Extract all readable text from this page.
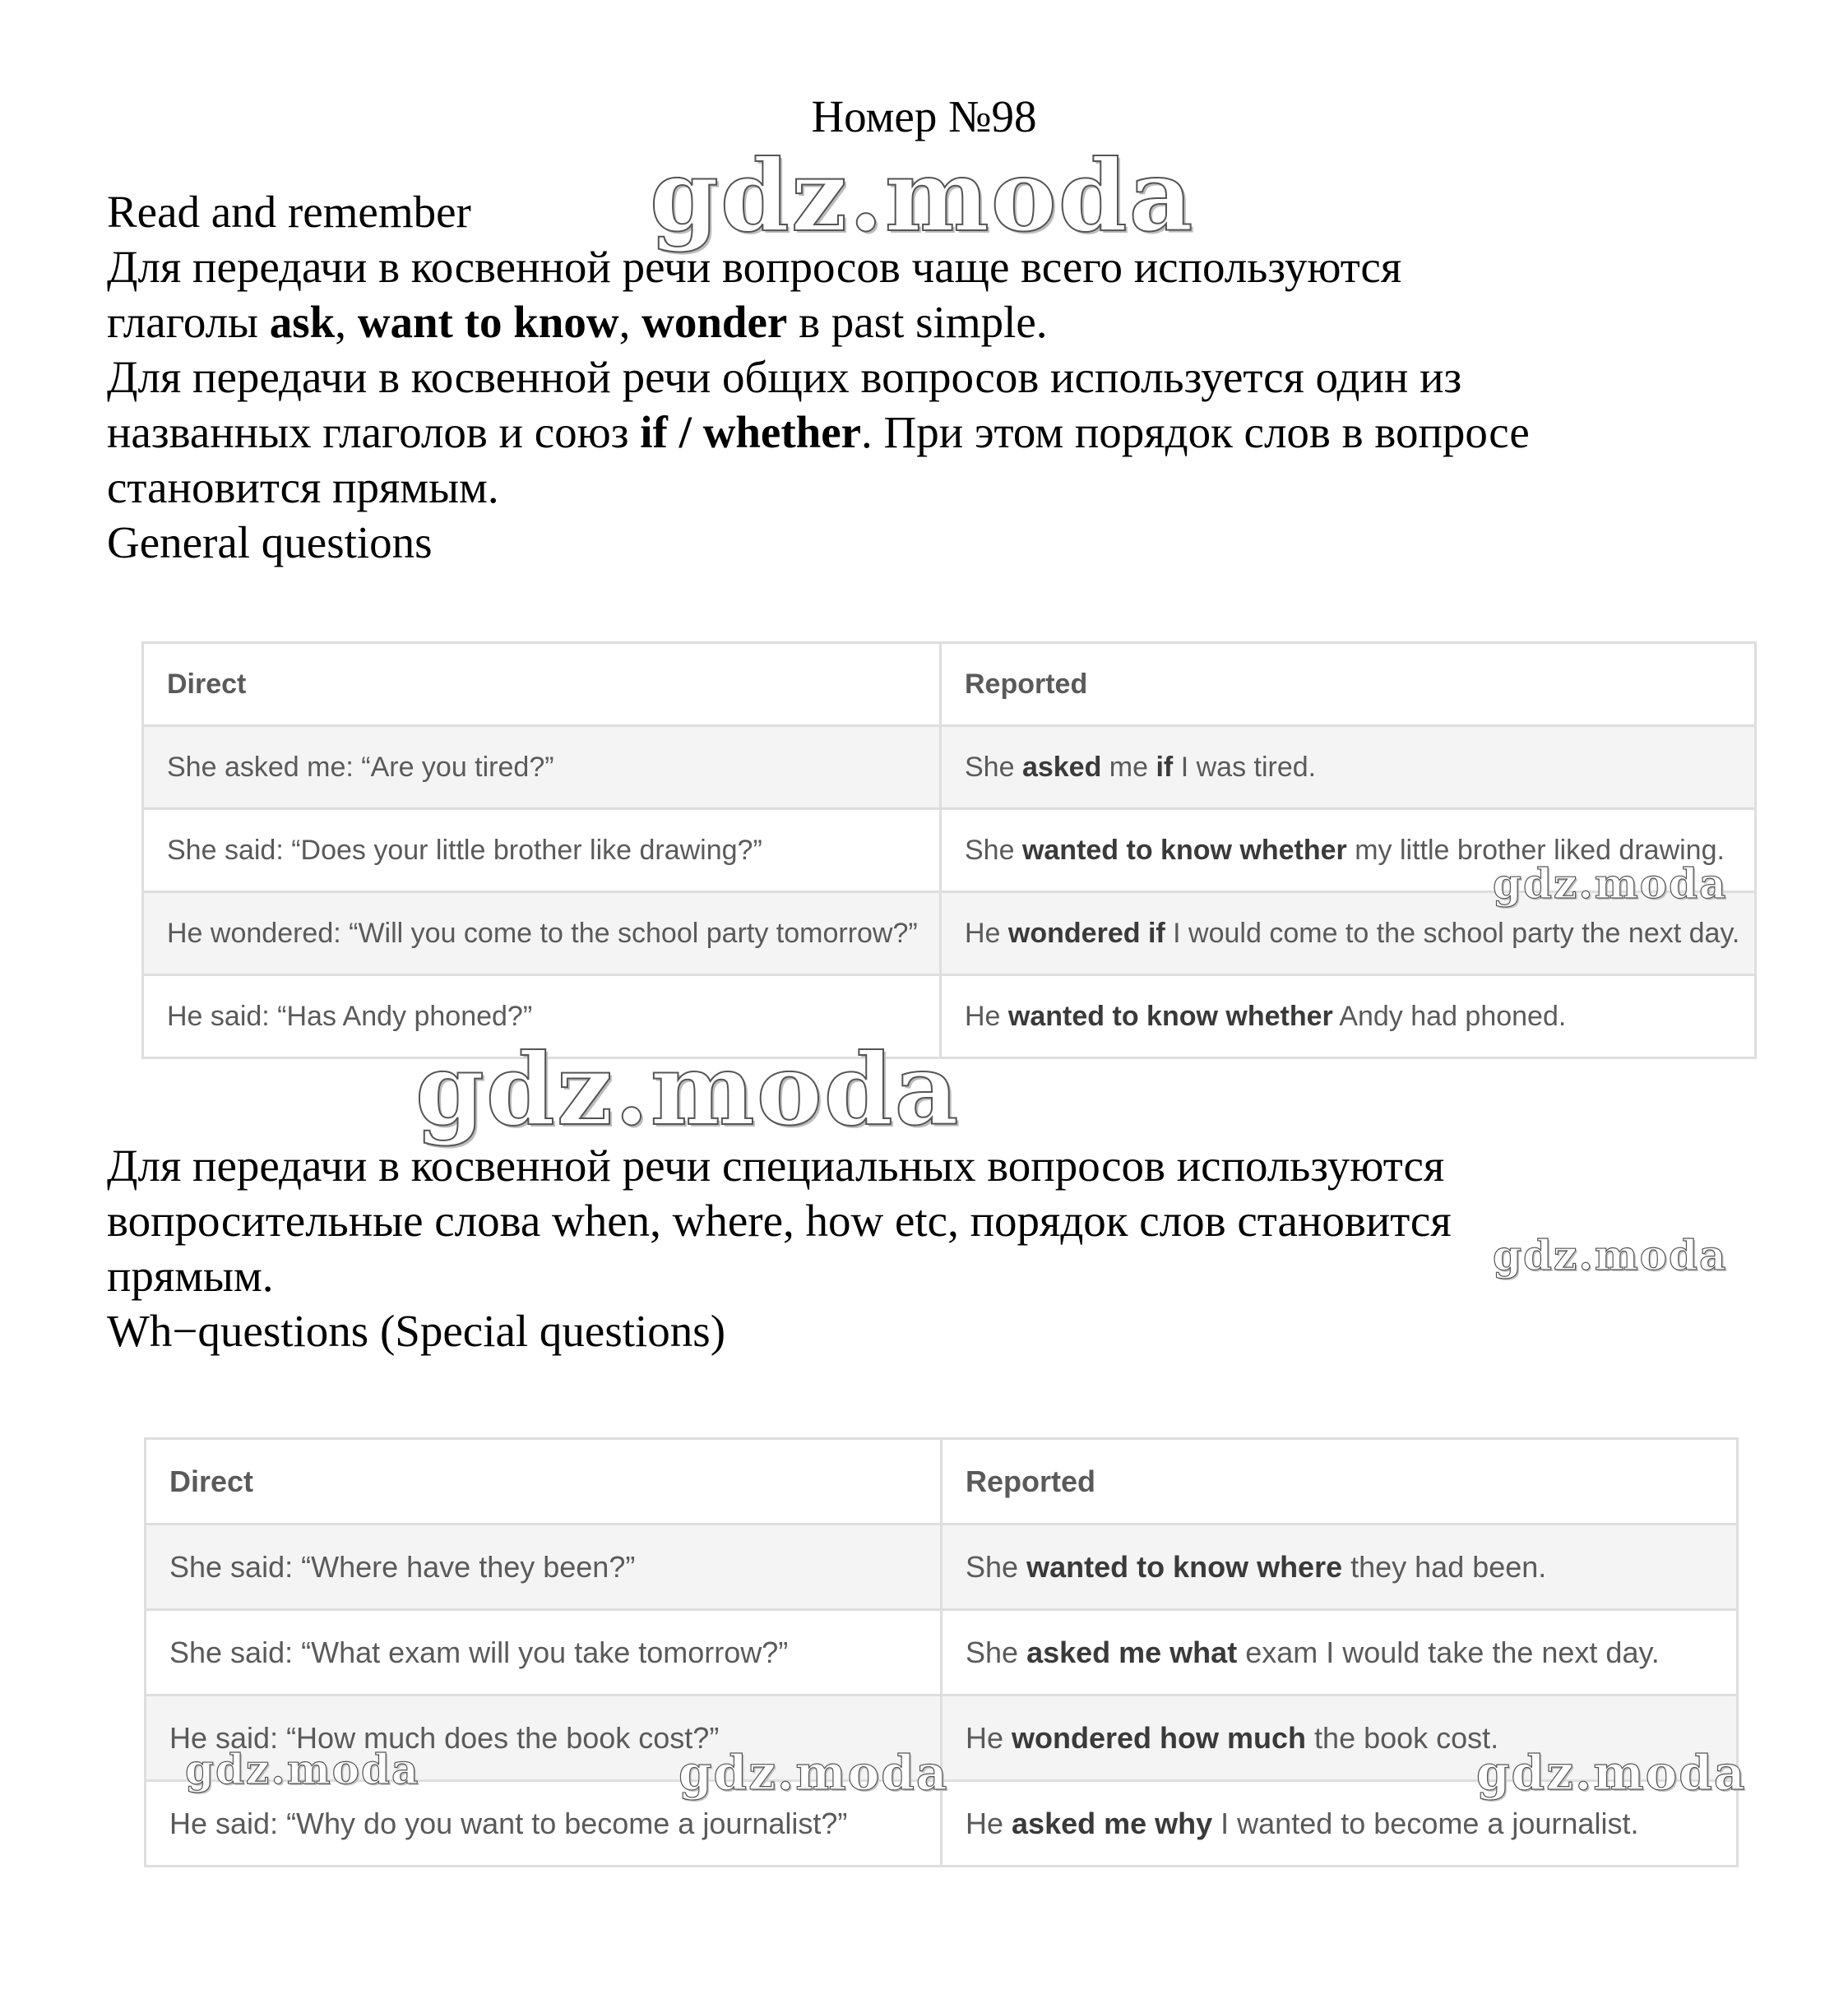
Номер №98

Read and remember

Для передачи в косвенной речи вопросов чаще всего используются

глаголы ask, want to know, wonder в past simple.

Для передачи в косвенной речи общих вопросов используется один из

названных глаголов и союз if / whether. При этом порядок слов в вопросе

становится прямым.

General questions

Direct	Reported
She asked me: “Are you tired?”	She asked me if I was tired.
She said: “Does your little brother like drawing?”	She wanted to know whether my little brother liked drawing.
He wondered: “Will you come to the school party tomorrow?”	He wondered if I would come to the school party the next day.
He said: “Has Andy phoned?”	He wanted to know whether Andy had phoned.

Для передачи в косвенной речи специальных вопросов используются

вопросительные слова when, where, how etc, порядок слов становится

прямым.

Wh−questions (Special questions)

Direct	Reported
She said: “Where have they been?”	She wanted to know where they had been.
She said: “What exam will you take tomorrow?”	She asked me what exam I would take the next day.
He said: “How much does the book cost?”	He wondered how much the book cost.
He said: “Why do you want to become a journalist?”	He asked me why I wanted to become a journalist.
gdz.moda
gdz.moda
gdz.moda
gdz.moda
gdz.moda	gdz.moda	gdz.moda
